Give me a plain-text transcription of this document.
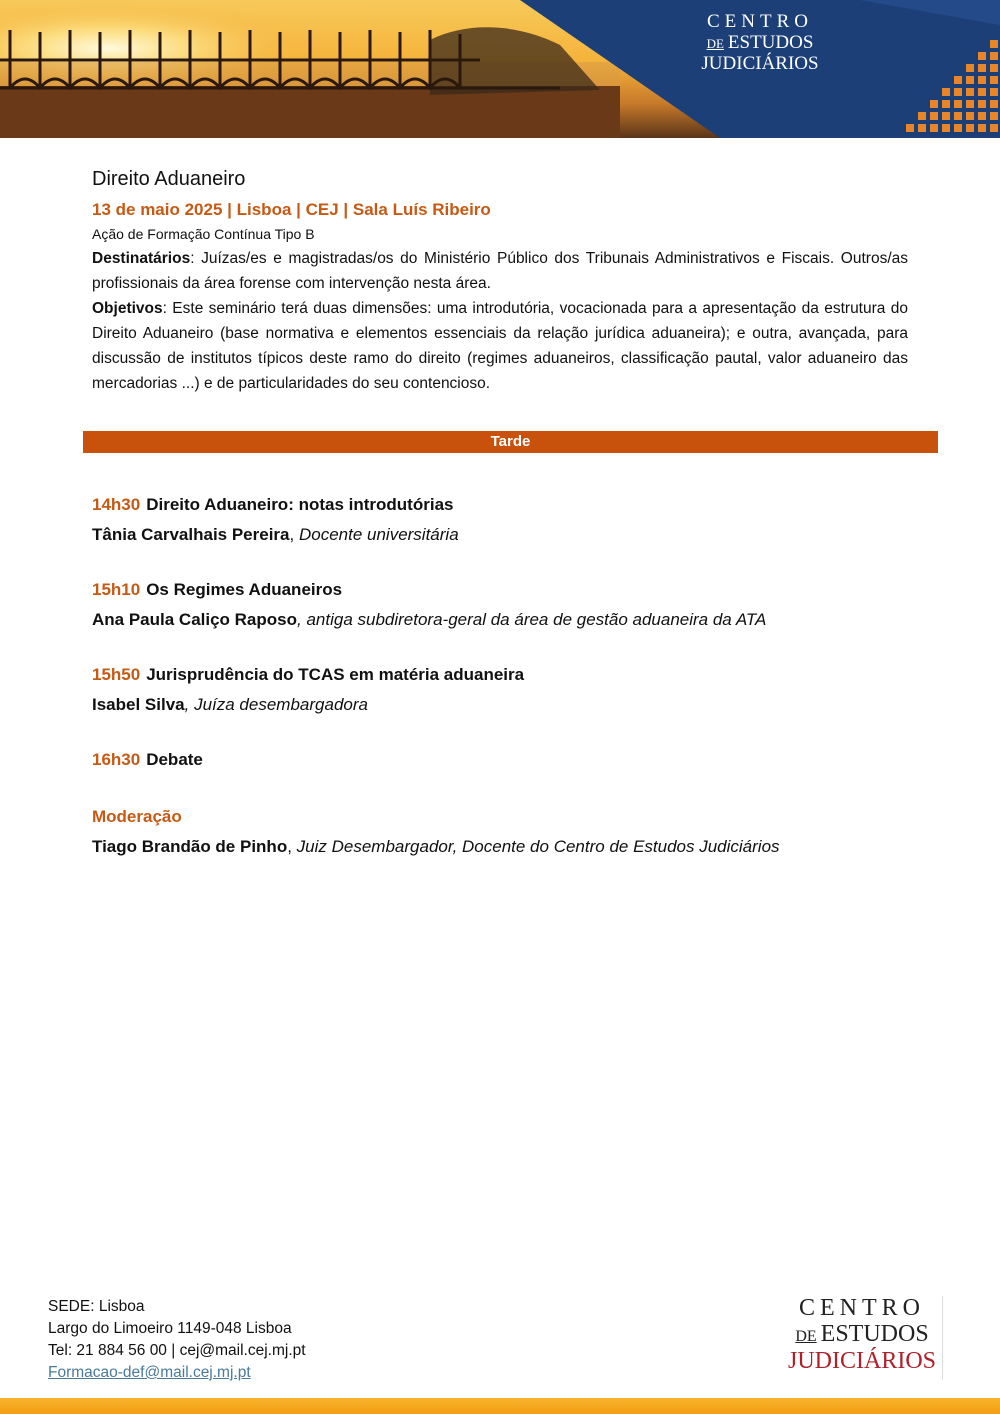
CENTRO
DE ESTUDOS
JUDICIÁRIOS
Direito Aduaneiro
13 de maio 2025 | Lisboa | CEJ | Sala Luís Ribeiro
Ação de Formação Contínua Tipo B
Destinatários: Juízas/es e magistradas/os do Ministério Público dos Tribunais Administrativos e Fiscais. Outros/as profissionais da área forense com intervenção nesta área.
Objetivos: Este seminário terá duas dimensões: uma introdutória, vocacionada para a apresentação da estrutura do Direito Aduaneiro (base normativa e elementos essenciais da relação jurídica aduaneira); e outra, avançada, para discussão de institutos típicos deste ramo do direito (regimes aduaneiros, classificação pautal, valor aduaneiro das mercadorias ...) e de particularidades do seu contencioso.
Tarde
14h30 Direito Aduaneiro: notas introdutórias
Tânia Carvalhais Pereira, Docente universitária
15h10 Os Regimes Aduaneiros
Ana Paula Caliço Raposo, antiga subdiretora-geral da área de gestão aduaneira da ATA
15h50 Jurisprudência do TCAS em matéria aduaneira
Isabel Silva, Juíza desembargadora
16h30 Debate
Moderação
Tiago Brandão de Pinho, Juiz Desembargador, Docente do Centro de Estudos Judiciários
SEDE: Lisboa
Largo do Limoeiro 1149-048 Lisboa
Tel: 21 884 56 00 | cej@mail.cej.mj.pt
Formacao-def@mail.cej.mj.pt
CENTRO
DE ESTUDOS
JUDICIÁRIOS
